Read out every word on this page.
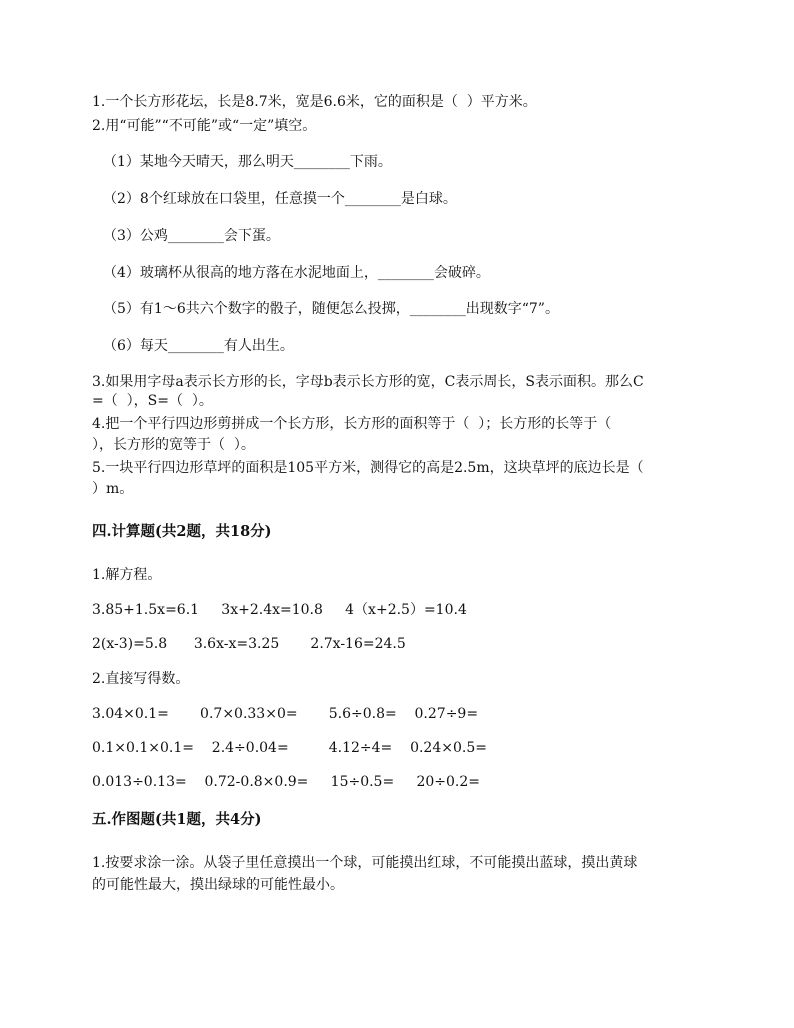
1.一个长方形花坛，长是8.7米，宽是6.6米，它的面积是（  ）平方米。
2.用“可能”“不可能”或“一定”填空。
（1）某地今天晴天，那么明天________下雨。
（2）8个红球放在口袋里，任意摸一个________是白球。
（3）公鸡________会下蛋。
（4）玻璃杯从很高的地方落在水泥地面上，________会破碎。
（5）有1～6共六个数字的骰子，随便怎么投掷，________出现数字“7”。
（6）每天________有人出生。
3.如果用字母a表示长方形的长，字母b表示长方形的宽，C表示周长，S表示面积。那么C
=（  ），S=（  ）。
4.把一个平行四边形剪拼成一个长方形，长方形的面积等于（  ）；长方形的长等于（
），长方形的宽等于（  ）。
5.一块平行四边形草坪的面积是105平方米，测得它的高是2.5m，这块草坪的底边长是（
）m。
四.计算题(共2题，共18分)
1.解方程。
3.85+1.5x=6.1     3x+2.4x=10.8     4（x+2.5）=10.4
2(x-3)=5.8      3.6x-x=3.25       2.7x-16=24.5
2.直接写得数。
3.04×0.1=       0.7×0.33×0=       5.6÷0.8=    0.27÷9=
0.1×0.1×0.1=    2.4÷0.04=         4.12÷4=    0.24×0.5=
0.013÷0.13=    0.72-0.8×0.9=     15÷0.5=     20÷0.2=
五.作图题(共1题，共4分)
1.按要求涂一涂。从袋子里任意摸出一个球，可能摸出红球，不可能摸出蓝球，摸出黄球
的可能性最大，摸出绿球的可能性最小。
